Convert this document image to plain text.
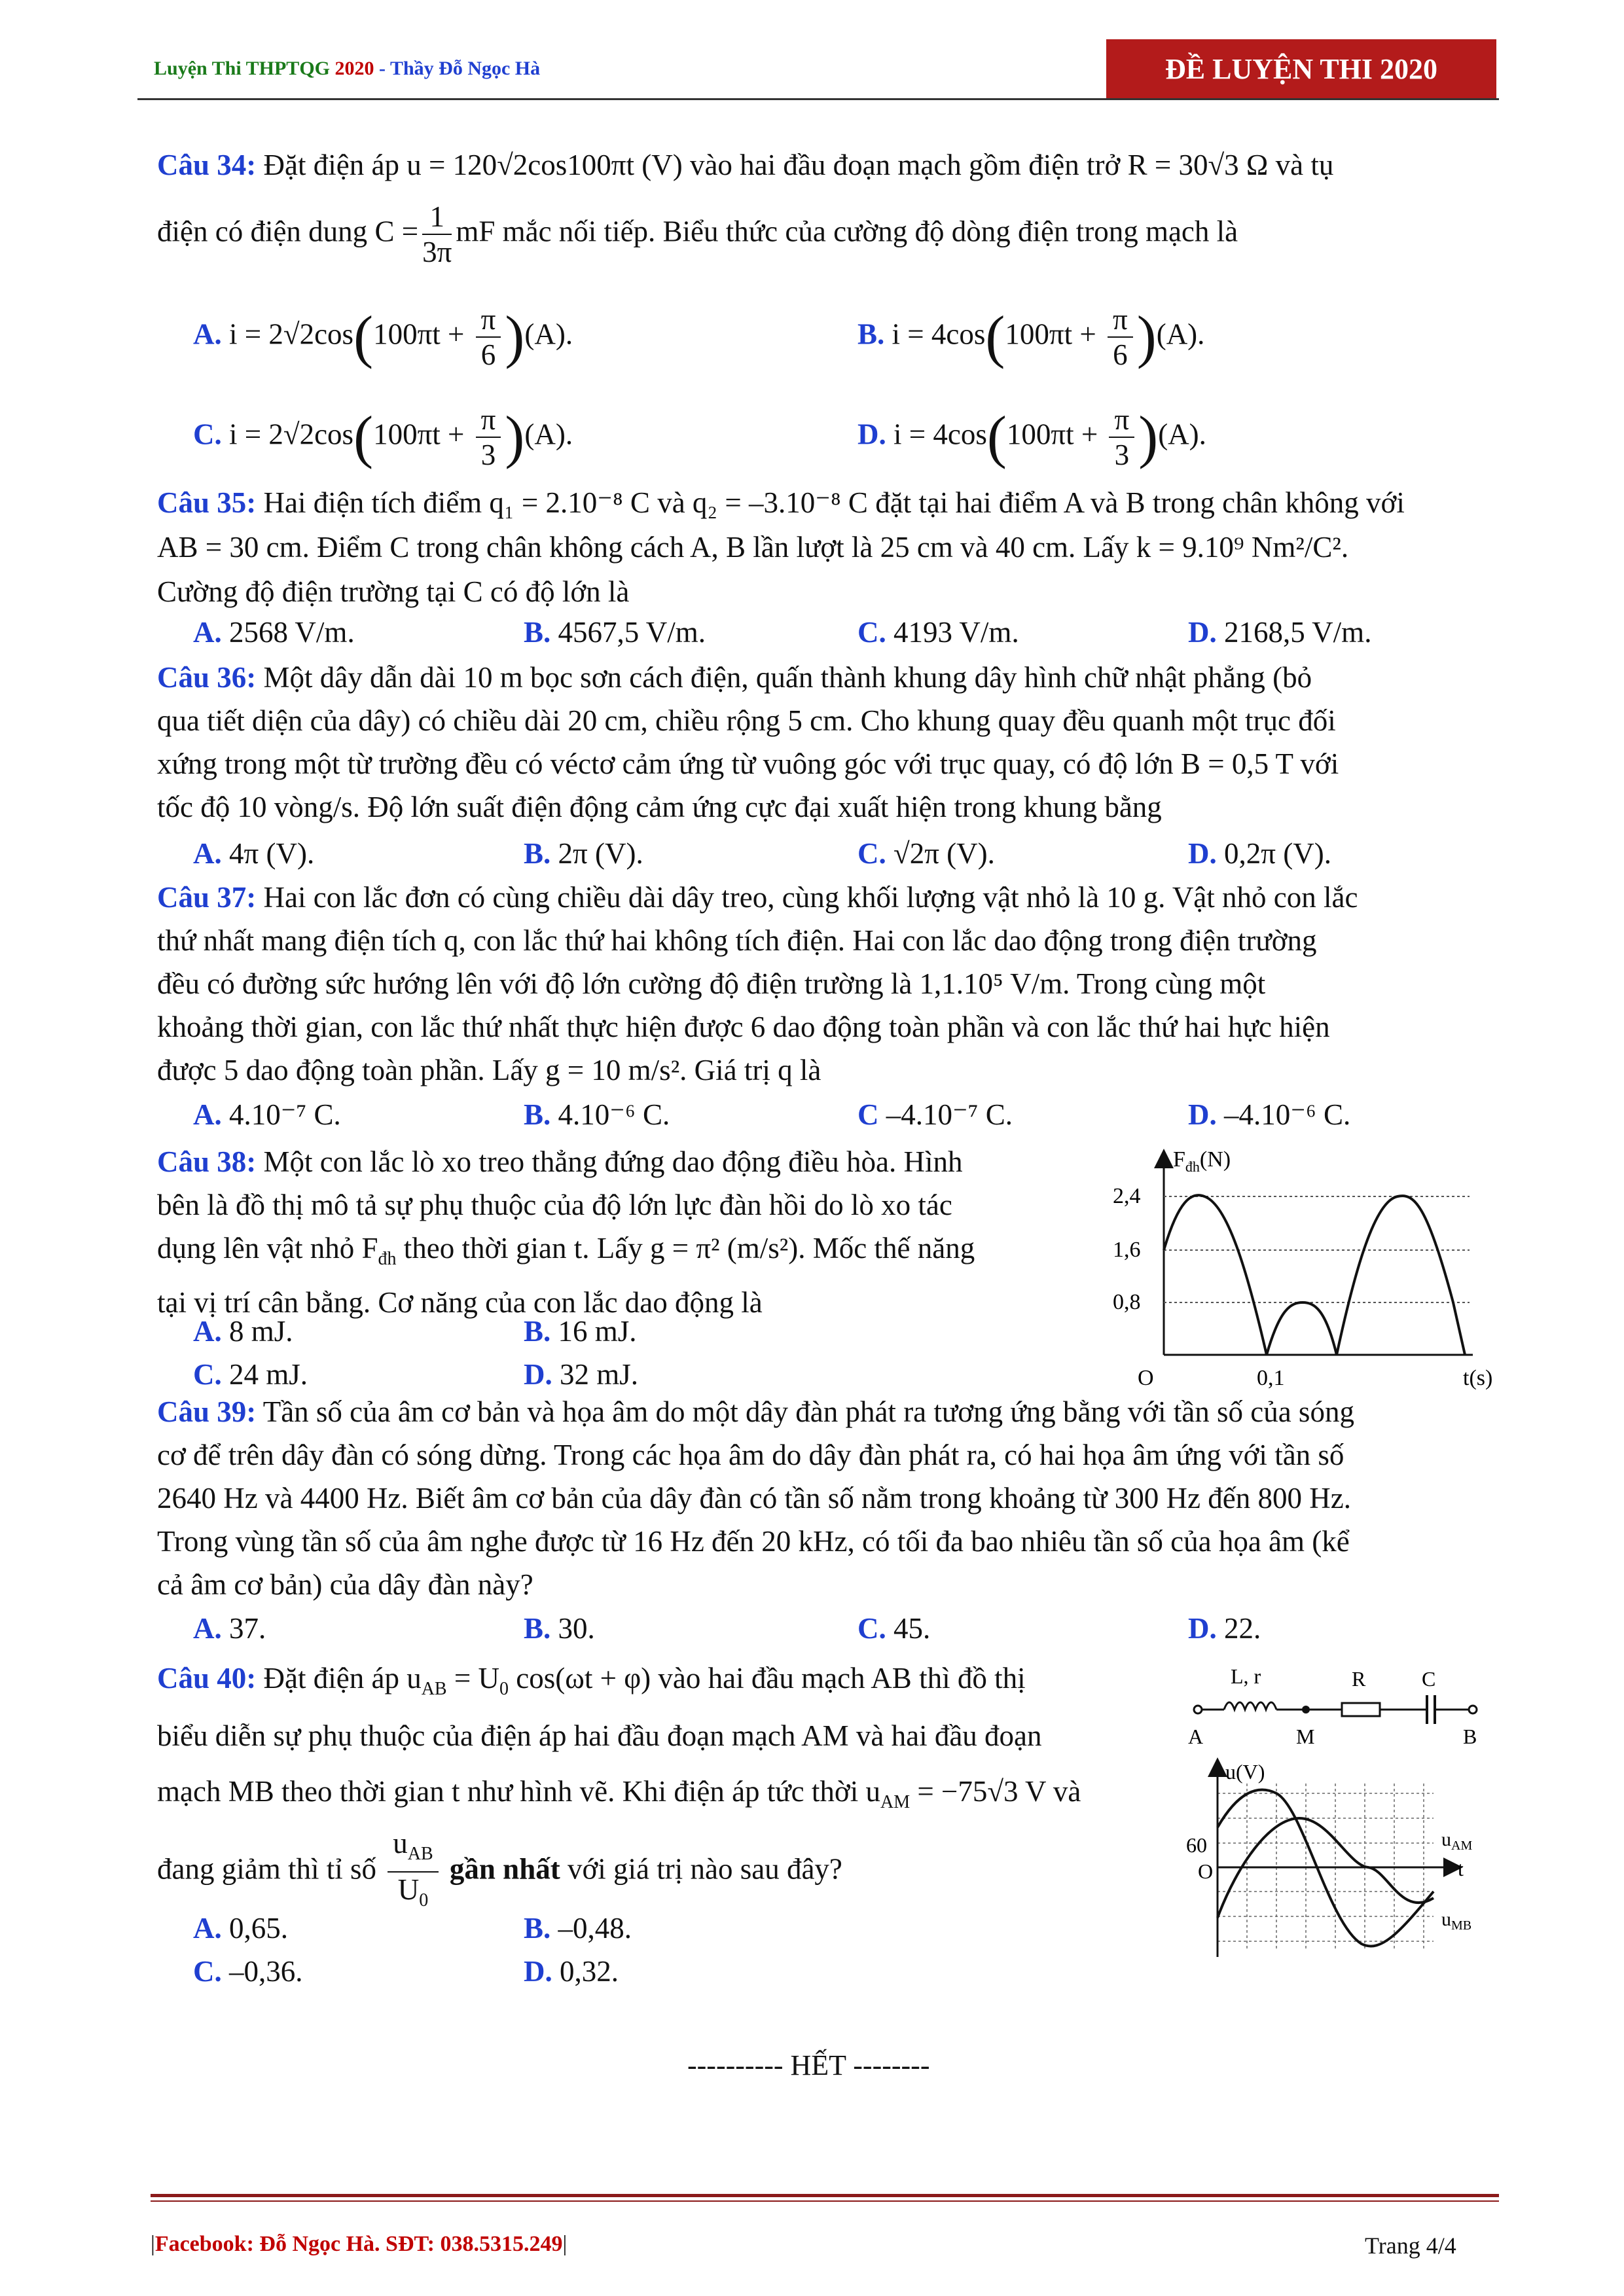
Luyện Thi THPTQG 2020 - Thầy Đỗ Ngọc Hà	ĐỀ LUYỆN THI 2020
Câu 34: Đặt điện áp u = 120√2cos100πt (V) vào hai đầu đoạn mạch gồm điện trở R = 30√3 Ω và tụ
điện có điện dung $C = \frac{1}{3\pi}$ mF mắc nối tiếp. Biểu thức của cường độ dòng điện trong mạch là
A. $i = 2√2\cos(100\pi t + \frac{\pi}{6} )(A)$.	B. $i = 4\cos(100\pi t + \frac{\pi}{6} )(A)$.
C. $i = 2√2\cos(100\pi t + \frac{\pi}{3} )(A)$.	D. $i = 4\cos(100\pi t + \frac{\pi}{3} )(A)$.
Câu 35: Hai điện tích điểm q₁ = 2.10⁻⁸ C và q₂ = –3.10⁻⁸ C đặt tại hai điểm A và B trong chân không với
AB = 30 cm. Điểm C trong chân không cách A, B lần lượt là 25 cm và 40 cm. Lấy k = 9.10⁹ Nm²/C².
Cường độ điện trường tại C có độ lớn là
A. 2568 V/m.	B. 4567,5 V/m.	C. 4193 V/m.	D. 2168,5 V/m.
Câu 36: Một dây dẫn dài 10 m bọc sơn cách điện, quấn thành khung dây hình chữ nhật phẳng (bỏ
qua tiết diện của dây) có chiều dài 20 cm, chiều rộng 5 cm. Cho khung quay đều quanh một trục đối
xứng trong một từ trường đều có véctơ cảm ứng từ vuông góc với trục quay, có độ lớn B = 0,5 T với
tốc độ 10 vòng/s. Độ lớn suất điện động cảm ứng cực đại xuất hiện trong khung bằng
A. 4π (V).	B. 2π (V).	C. √2π (V).	D. 0,2π (V).
Câu 37: Hai con lắc đơn có cùng chiều dài dây treo, cùng khối lượng vật nhỏ là 10 g. Vật nhỏ con lắc
thứ nhất mang điện tích q, con lắc thứ hai không tích điện. Hai con lắc dao động trong điện trường
đều có đường sức hướng lên với độ lớn cường độ điện trường là 1,1.10⁵ V/m. Trong cùng một
khoảng thời gian, con lắc thứ nhất thực hiện được 6 dao động toàn phần và con lắc thứ hai hực hiện
được 5 dao động toàn phần. Lấy g = 10 m/s². Giá trị q là
A. 4.10⁻⁷ C.	B. 4.10⁻⁶ C.	C –4.10⁻⁷ C.	D. –4.10⁻⁶ C.
Câu 38: Một con lắc lò xo treo thẳng đứng dao động điều hòa. Hình
bên là đồ thị mô tả sự phụ thuộc của độ lớn lực đàn hồi do lò xo tác
dụng lên vật nhỏ $F_{đh}$ theo thời gian t. Lấy g = π² (m/s²). Mốc thế năng
tại vị trí cân bằng. Cơ năng của con lắc dao động là
A. 8 mJ.	B. 16 mJ.
C. 24 mJ.	D. 32 mJ.
$F_{đh}(N)$
2,4
1,6
0,8
O	0,1	t(s)
Câu 39: Tần số của âm cơ bản và họa âm do một dây đàn phát ra tương ứng bằng với tần số của sóng
cơ để trên dây đàn có sóng dừng. Trong các họa âm do dây đàn phát ra, có hai họa âm ứng với tần số
2640 Hz và 4400 Hz. Biết âm cơ bản của dây đàn có tần số nằm trong khoảng từ 300 Hz đến 800 Hz.
Trong vùng tần số của âm nghe được từ 16 Hz đến 20 kHz, có tối đa bao nhiêu tần số của họa âm (kể
cả âm cơ bản) của dây đàn này?
A. 37.	B. 30.	C. 45.	D. 22.
Câu 40: Đặt điện áp $u_{AB} = U_0$ cos(ωt + φ) vào hai đầu mạch AB thì đồ thị
biểu diễn sự phụ thuộc của điện áp hai đầu đoạn mạch AM và hai đầu đoạn
mạch MB theo thời gian t như hình vẽ. Khi điện áp tức thời $u_{AM} = -75√3$ V và
đang giảm thì tỉ số $\frac{u_{AB}}{U_0}$ gần nhất với giá trị nào sau đây?
A. 0,65.	B. –0,48.
C. –0,36.	D. 0,32.
L, r	R	C
A	M	B
u(V)
60
O	t
$u_{AM}$
$u_{MB}$
---------- HẾT --------
|Facebook: Đỗ Ngọc Hà. SĐT: 038.5315.249|	Trang 4/4
